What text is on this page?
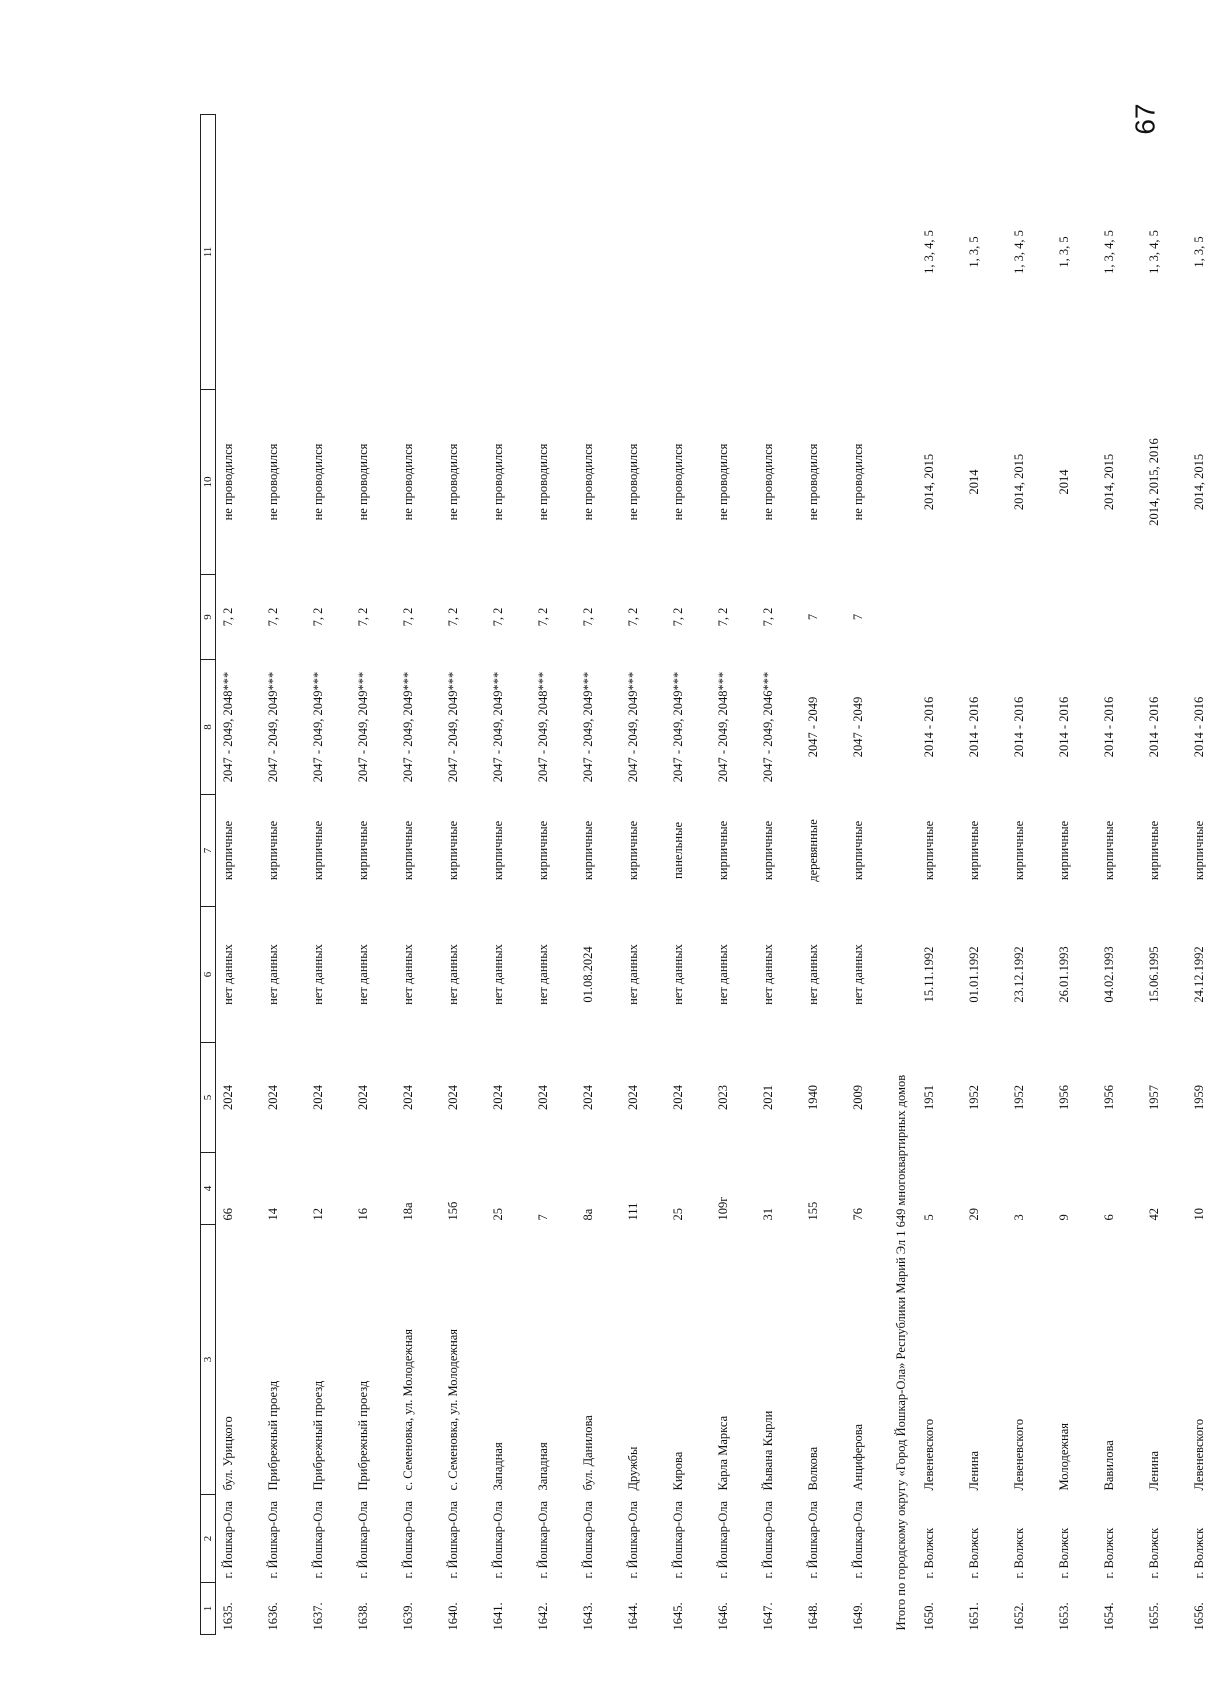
67
1	2	3	4	5	6	7	8	9	10	11
1635.	г. Йошкар-Ола	бул. Урицкого	66	2024	нет данных	кирпичные	2047 - 2049, 2048***	7, 2	не проводился	
1636.	г. Йошкар-Ола	Прибрежный проезд	14	2024	нет данных	кирпичные	2047 - 2049, 2049***	7, 2	не проводился	
1637.	г. Йошкар-Ола	Прибрежный проезд	12	2024	нет данных	кирпичные	2047 - 2049, 2049***	7, 2	не проводился	
1638.	г. Йошкар-Ола	Прибрежный проезд	16	2024	нет данных	кирпичные	2047 - 2049, 2049***	7, 2	не проводился	
1639.	г. Йошкар-Ола	с. Семеновка, ул. Молодежная	18а	2024	нет данных	кирпичные	2047 - 2049, 2049***	7, 2	не проводился	
1640.	г. Йошкар-Ола	с. Семеновка, ул. Молодежная	15б	2024	нет данных	кирпичные	2047 - 2049, 2049***	7, 2	не проводился	
1641.	г. Йошкар-Ола	Западная	25	2024	нет данных	кирпичные	2047 - 2049, 2049***	7, 2	не проводился	
1642.	г. Йошкар-Ола	Западная	7	2024	нет данных	кирпичные	2047 - 2049, 2048***	7, 2	не проводился	
1643.	г. Йошкар-Ола	бул. Данилова	8а	2024	01.08.2024	кирпичные	2047 - 2049, 2049***	7, 2	не проводился	
1644.	г. Йошкар-Ола	Дружбы	111	2024	нет данных	кирпичные	2047 - 2049, 2049***	7, 2	не проводился	
1645.	г. Йошкар-Ола	Кирова	25	2024	нет данных	панельные	2047 - 2049, 2049***	7, 2	не проводился	
1646.	г. Йошкар-Ола	Карла Маркса	109г	2023	нет данных	кирпичные	2047 - 2049, 2048***	7, 2	не проводился	
1647.	г. Йошкар-Ола	Йывана Кырли	31	2021	нет данных	кирпичные	2047 - 2049, 2046***	7, 2	не проводился	
1648.	г. Йошкар-Ола	Волкова	155	1940	нет данных	деревянные	2047 - 2049	7	не проводился	
1649.	г. Йошкар-Ола	Анциферова	76	2009	нет данных	кирпичные	2047 - 2049	7	не проводился	
Итого по городскому округу «Город Йошкар-Ола» Республики Марий Эл 1 649 многоквартирных домов										
1650.	г. Волжск	Левеневского	5	1951	15.11.1992	кирпичные	2014 - 2016		2014, 2015	1, 3, 4, 5
1651.	г. Волжск	Ленина	29	1952	01.01.1992	кирпичные	2014 - 2016		2014	1, 3, 5
1652.	г. Волжск	Левеневского	3	1952	23.12.1992	кирпичные	2014 - 2016		2014, 2015	1, 3, 4, 5
1653.	г. Волжск	Молодежная	9	1956	26.01.1993	кирпичные	2014 - 2016		2014	1, 3, 5
1654.	г. Волжск	Вавилова	6	1956	04.02.1993	кирпичные	2014 - 2016		2014, 2015	1, 3, 4, 5
1655.	г. Волжск	Ленина	42	1957	15.06.1995	кирпичные	2014 - 2016		2014, 2015, 2016	1, 3, 4, 5
1656.	г. Волжск	Левеневского	10	1959	24.12.1992	кирпичные	2014 - 2016		2014, 2015	1, 3, 5
